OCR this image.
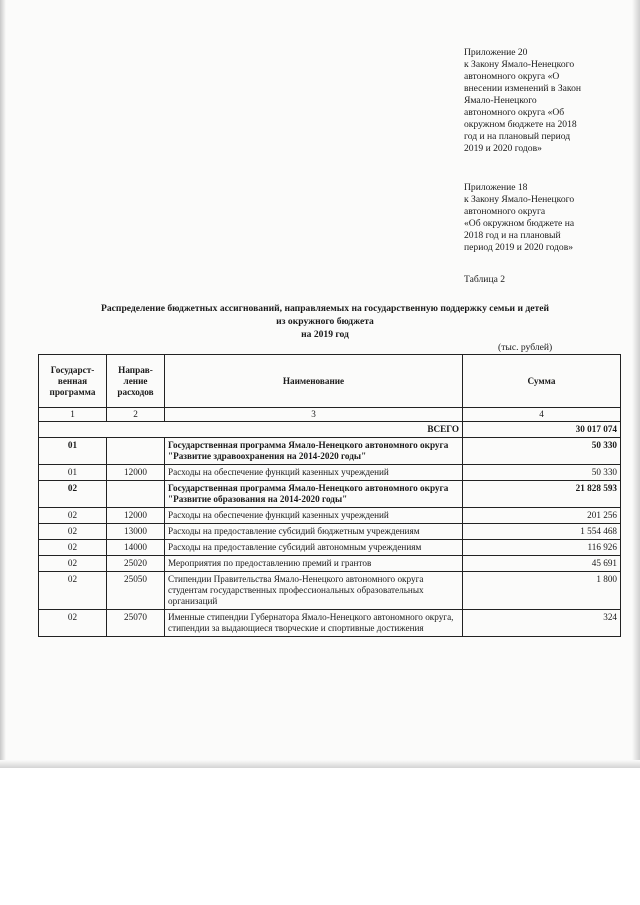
Приложение 20
к Закону Ямало-Ненецкого
автономного округа «О
внесении изменений в Закон
Ямало-Ненецкого
автономного округа «Об
окружном бюджете на 2018
год и на плановый период
2019 и 2020 годов»
Приложение 18
к Закону Ямало-Ненецкого
автономного округа
«Об окружном бюджете на
2018 год и на плановый
период 2019 и 2020 годов»
Таблица 2
Распределение бюджетных ассигнований, направляемых на государственную поддержку семьи и детей
из окружного бюджета
на 2019 год
(тыс. рублей)
Государст-венная программа	Направ-ление расходов	Наименование	Сумма
1	2	3	4
ВСЕГО			30 017 074
01		Государственная программа Ямало-Ненецкого автономного округа "Развитие здравоохранения на 2014-2020 годы"	50 330
01	12000	Расходы на обеспечение функций казенных учреждений	50 330
02		Государственная программа Ямало-Ненецкого автономного округа "Развитие образования на 2014-2020 годы"	21 828 593
02	12000	Расходы на обеспечение функций казенных учреждений	201 256
02	13000	Расходы на предоставление субсидий бюджетным учреждениям	1 554 468
02	14000	Расходы на предоставление субсидий автономным учреждениям	116 926
02	25020	Мероприятия по предоставлению премий и грантов	45 691
02	25050	Стипендии Правительства Ямало-Ненецкого автономного округа студентам государственных профессиональных образовательных организаций	1 800
02	25070	Именные стипендии Губернатора Ямало-Ненецкого автономного округа, стипендии за выдающиеся творческие и спортивные достижения	324
